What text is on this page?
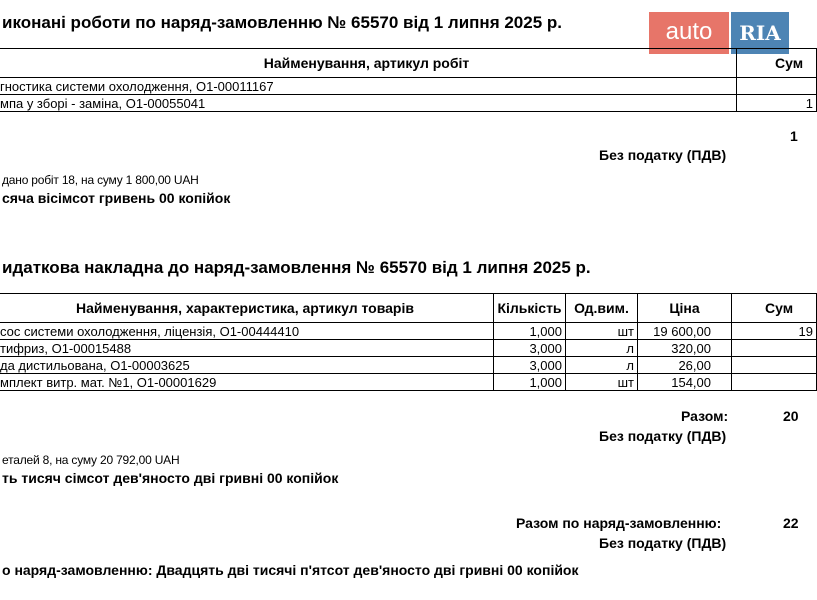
auto	RIA
иконані роботи по наряд-замовленню № 65570 від 1 липня 2025 р.
Найменування, артикул робіт	Сум
гностика системи охолодження, О1-00011167	
мпа у зборі - заміна, О1-00055041	1
1
Без податку (ПДВ)
дано робіт 18, на суму 1 800,00 UAH
сяча вісімсот гривень 00 копійок
идаткова накладна до наряд-замовлення № 65570 від 1 липня 2025 р.
Найменування, характеристика, артикул товарів	Кількість	Од.вим.	Ціна	Сум
сос системи охолодження, ліцензія, О1-00444410	1,000	шт	19 600,00	19
тифриз, О1-00015488	3,000	л	320,00	
да дистильована, О1-00003625	3,000	л	26,00	
мплект витр. мат. №1, О1-00001629	1,000	шт	154,00	
Разом:	20
Без податку (ПДВ)
еталей 8, на суму 20 792,00 UAH
ть тисяч сімсот дев'яносто дві гривні 00 копійок
Разом по наряд-замовленню:	22
Без податку (ПДВ)
о наряд-замовленню: Двадцять дві тисячі п'ятсот дев'яносто дві гривні 00 копійок
